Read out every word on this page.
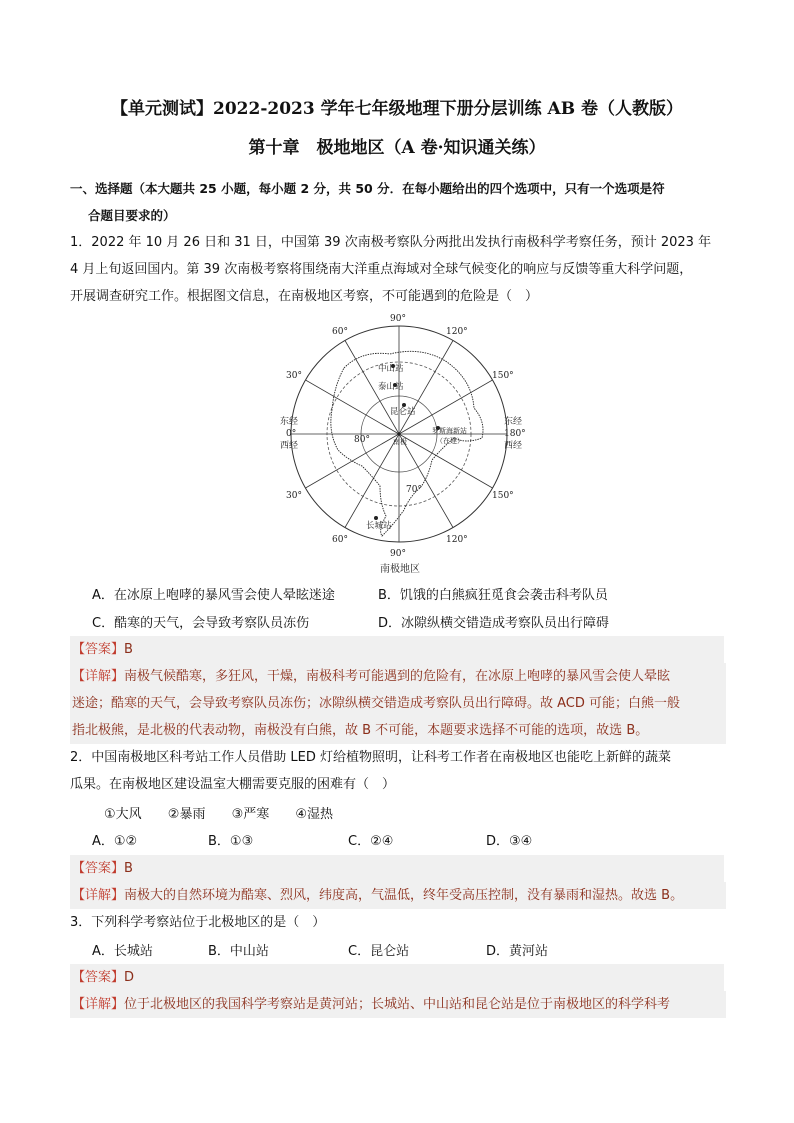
【单元测试】2022-2023 学年七年级地理下册分层训练 AB 卷（人教版）
第十章　极地地区（A 卷·知识通关练）
一、选择题（本大题共 25 小题，每小题 2 分，共 50 分．在每小题给出的四个选项中，只有一个选项是符
合题目要求的）
1．2022 年 10 月 26 日和 31 日，中国第 39 次南极考察队分两批出发执行南极科学考察任务，预计 2023 年
4 月上旬返回国内。第 39 次南极考察将围绕南大洋重点海域对全球气候变化的响应与反馈等重大科学问题，
开展调查研究工作。根据图文信息，在南极地区考察，不可能遇到的危险是（　）
90°
60°	120°
30°	150°
东经
0°
西经
东经
180°
西经
30°	150°
60°	120°
90°
80°
70°
中山站
泰山站
昆仑站
罗斯海新站
（在建）
南极
长城站
南极地区
A．在冰原上咆哮的暴风雪会使人晕眩迷途	B．饥饿的白熊疯狂觅食会袭击科考队员
C．酷寒的天气，会导致考察队员冻伤	D．冰隙纵横交错造成考察队员出行障碍
【答案】B
【详解】南极气候酷寒，多狂风，干燥，南极科考可能遇到的危险有，在冰原上咆哮的暴风雪会使人晕眩
迷途；酷寒的天气，会导致考察队员冻伤；冰隙纵横交错造成考察队员出行障碍。故 ACD 可能；白熊一般
指北极熊，是北极的代表动物，南极没有白熊，故 B 不可能，本题要求选择不可能的选项，故选 B。
2．中国南极地区科考站工作人员借助 LED 灯给植物照明，让科考工作者在南极地区也能吃上新鲜的蔬菜
瓜果。在南极地区建设温室大棚需要克服的困难有（　）
①大风 ②暴雨 ③严寒 ④湿热
A．①②	B．①③	C．②④	D．③④
【答案】B
【详解】南极大的自然环境为酷寒、烈风，纬度高，气温低，终年受高压控制，没有暴雨和湿热。故选 B。
3．下列科学考察站位于北极地区的是（　）
A．长城站	B．中山站	C．昆仑站	D．黄河站
【答案】D
【详解】位于北极地区的我国科学考察站是黄河站；长城站、中山站和昆仑站是位于南极地区的科学科考
